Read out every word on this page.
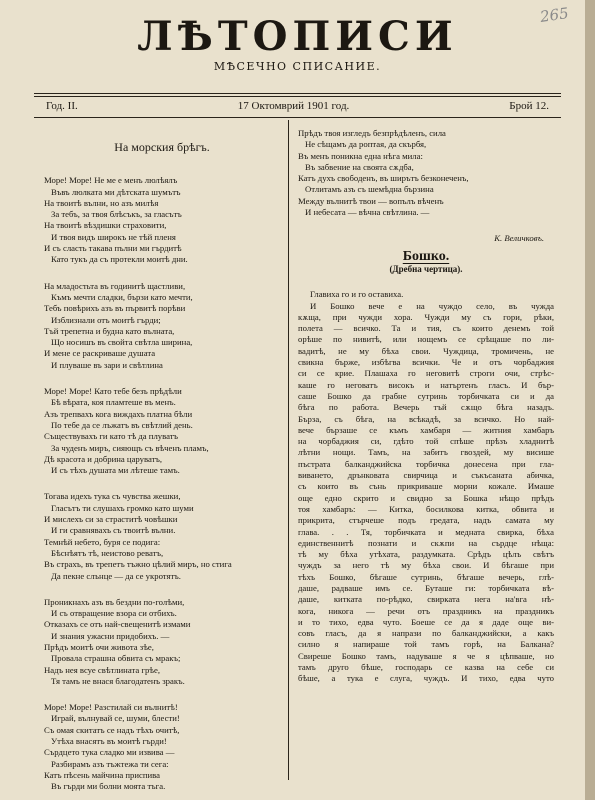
265
ЛѢТОПИСИ
МѢСЕЧНО СПИСАНИЕ.
Год. II.	17 Октомврий 1901 год.	Брой 12.
На морския брѣгъ.
Море! Море! Не ме е менъ люлѣялъ
Въвъ люлката ми дѣтската шумътъ
На твоитѣ вълни, но азъ милѣя
За тебъ, за твоя блѣсъкъ, за гласътъ
На твоитѣ вѣздишки страховити,
И твоя видъ широкъ не тѣй пленя
И съ сласть такава пълни ми гърдитѣ
Като тукъ да съ протекли моитѣ дни.
На младостьта въ годинитѣ щастливи,
Къмъ мечти сладки, бързи като мечти,
Тебъ повѣрихъ азъ въ първитѣ порѣви
Изблизнали отъ моитѣ гърди;
Тъй трепетна и будна като вълната,
Що носишъ въ свойта свѣтла ширина,
И мене се раскриваше душата
И плуваше въ зари и свѣтлина
Море! Море! Като тебе безъ прѣдѣли
Бѣ вѣрата, коя пламтеше въ менъ.
Азъ трепвахъ кога виждахъ платна бѣли
По тебе да се лъжатъ въ свѣтлий день.
Съществувахъ ги като тѣ да плуватъ
За чуденъ миръ, сияющъ съ вѣченъ пламъ,
Дѣ красота и добрина царуватъ,
И съ тѣхъ душата ми лѣтеше тамъ.
Тогава идехъ тука съ чувства жешки,
Гласътъ ти слушахъ громко като шуми
И мислехъ си за страститѣ човѣшки
И ги сравнявахъ съ твоитѣ вълни.
Темнѣй небето, буря се подига:
Бѣснѣятъ тѣ, неистово реватъ,
Въ страхъ, въ трепетъ тъжно цѣлий миръ, но стига
Да пекне слънце — да се укротятъ.
Проникнахъ азъ въ бездни по-голѣми,
И съ отвращение взора си отбихъ.
Отказахъ се отъ най-свещенитѣ измами
И знания ужасни придобихъ. —
Прѣдъ моитѣ очи живота зѣе,
Провала страшна обвита съ мракъ;
Надъ нея всуе свѣтлината грѣе,
Тя тамъ не внася благодатенъ зракъ.
Море! Море! Разстилай си вълнитѣ!
Играй, вълнувай се, шуми, блести!
Съ омая скитатъ се надъ тѣхъ очитѣ,
Утѣха внасятъ въ моитѣ гърди!
Сърдцето тука сладко ми извива —
Разбирамъ азъ тъжтежа ти сега:
Катъ пѣсень майчина приспива
Въ гърди ми болни моята тъга.
Прѣдъ твоя изгледъ безпрѣдѣленъ, сила
Не сѣщамъ да роптая, да скърбя,
Въ менъ поникна една нѣга мила:
Въ забвение на своята сѫдба,
Катъ духъ свободенъ, въ ширътъ безконеченъ,
Отлитамъ азъ съ шемѣдна бързина
Между вълнитѣ твои — вопълъ вѣченъ
И небесата — вѣчна свѣтлина. —
К. Величковъ.
Бошко.
(Дребна чертица).
Главиха го и го оставиха.
И Бошко вече е на чуждо село, въ чужда
кѫща, при чужди хора. Чужди му съ гори, рѣки,
полета — всичко. Та и тия, съ които денемъ той
орѣше по нивитѣ, или нощемъ се срѣщаше по ли-
вадитѣ, не му бѣха свои. Чуждица, тромичень, не
свикна бърже, избѣгва всички. Че и отъ чорбаджия
си се крие. Плашаха го неговитѣ строги очи, стрѣс-
каше го неговатъ високъ и натъртенъ гласъ. И бър-
саше Бошко да грабне сутринь торбичката си и да
бѣга по работа. Вечерь тъй сѫщо бѣга назадъ.
Бърза, съ бѣга, на всѣкадѣ, за всичко. Но най-
вече бързаше се къмъ хамбаря — житния хамбаръ
на чорбаджия си, гдѣто той спѣше прѣзъ хладнитѣ
лѣтни нощи. Тамъ, на забитъ гвоздей, му висише
пъстрата балканджийска торбичка донесена при гла-
виването, дрънковата свирчица и съкъсаната абичка,
съ които въ сънь прикриваше морни кожале. Имаше
още едно скрито и свидно за Бошка нѣщо прѣдъ
тоя хамбаръ: — Китка, босилкова китка, обвита и
прикрита, стърчеше подъ гредата, надъ самата му
глава. . . Тя, торбичката и медната свирка, бѣха
единственнитѣ познати и скѫпи на сърдце нѣща:
тѣ му бѣха утѣхата, раздумката. Срѣдъ цѣлъ свѣтъ
чуждъ за него тѣ му бѣха свои. И бѣгаше при
тѣхъ Бошко, бѣгаше сутринь, бѣгаше вечерь, глѣ-
даше, радваше имъ се. Буташе ги: торбичката вѣ-
даше, китката по-рѣдко, свирката нега на'вга нѣ-
кога, никога — речи отъ праздникъ на праздникъ
и то тихо, едва чуто. Боеше се да я даде още ви-
совъ гласъ, да я напрази по балканджийски, а какъ
силно я напираше той тамъ горѣ, на Балкана?
Свиреше Бошко тамъ, надуваше я че я цѣпваше, но
тамъ друго бѣше, господарь се казва на себе си
бѣше, а тука е слуга, чуждъ. И тихо, едва чуто
